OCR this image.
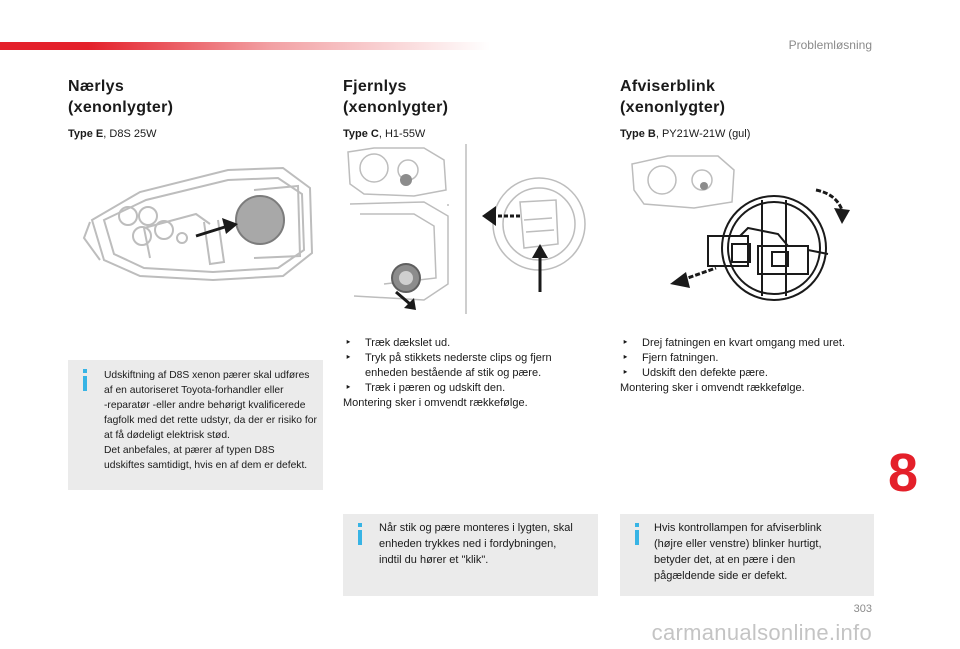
Problemløsning
Nærlys
(xenonlygter)
Type E, D8S 25W
Udskiftning af D8S xenon pærer skal udføres
af en autoriseret Toyota-forhandler eller
-reparatør -eller andre behørigt kvalificerede
fagfolk med det rette udstyr, da der er risiko for
at få dødeligt elektrisk stød.
Det anbefales, at pærer af typen D8S
udskiftes samtidigt, hvis en af dem er defekt.
Fjernlys
(xenonlygter)
Type C, H1-55W
‣ Træk dækslet ud.
‣ Tryk på stikkets nederste clips og fjern
enheden bestående af stik og pære.
‣ Træk i pæren og udskift den.
Montering sker i omvendt rækkefølge.
Når stik og pære monteres i lygten, skal
enheden trykkes ned i fordybningen,
indtil du hører et "klik".
Afviserblink
(xenonlygter)
Type B, PY21W-21W (gul)
‣ Drej fatningen en kvart omgang med uret.
‣ Fjern fatningen.
‣ Udskift den defekte pære.
Montering sker i omvendt rækkefølge.
Hvis kontrollampen for afviserblink
(højre eller venstre) blinker hurtigt,
betyder det, at en pære i den
pågældende side er defekt.
8
303
carmanualsonline.info
